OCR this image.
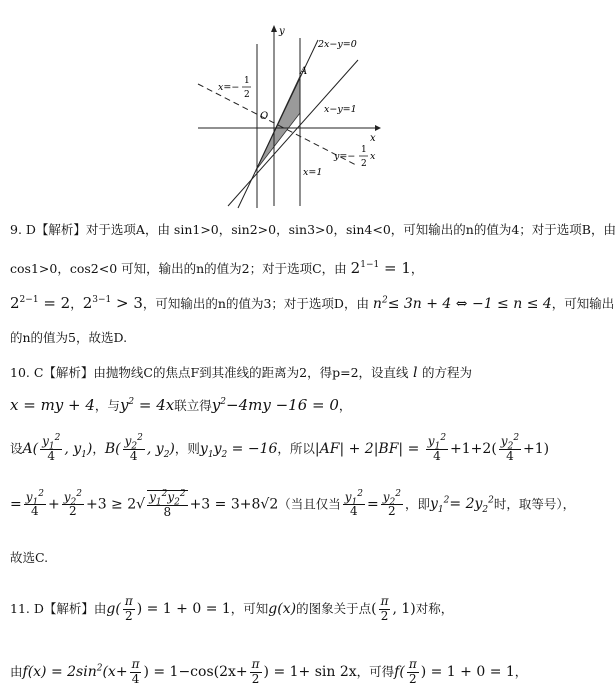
2x−y=0
A
x−y=1
x
y
O
x=1
x=−
1
2
y=−
1
2
x
9. D【解析】对于选项A，由 sin1>0，sin2>0，sin3>0，sin4<0，可知输出的n的值为4；对于选项B，由
cos1>0，cos2<0 可知，输出的n的值为2；对于选项C，由 $2^{1-1} = 1$，
$2^{2-1} = 2$，$2^{3-1} > 3$，可知输出的n的值为3；对于选项D，由 $n^2\le 3n + 4$ ⇔ −1 ≤ n ≤ 4，可知输出
的n的值为5，故选D.
10. C【解析】由抛物线C的焦点F到其准线的距离为2，得p=2，设直线 l 的方程为
x = my + 4，与$y^2 = 4x$联立得$y^2-4my -16 = 0$，
设$A( \frac{y_1^2}{4}$ , $y_1$)，$B( \frac{y_2^2}{4}$ , $y_2$)，则$y_1y_2 = -16$，所以$|AF| + 2|BF| = \frac{y_1^2}{4} +1+2( \frac{y_2^2}{4} +1)$
= $\frac{y_1^2}{4} + \frac{y_2^2}{2} +3 \ge 2√ \frac{y_1^2y_2^2}{8} +3 = 3+8√2$（当且仅当 $\frac{y_1^2}{4} = \frac{y_2^2}{2}$ ，即$y_1^2= 2y_2^2$时，取等号），
故选C.
11. D【解析】由$g( \frac{\pi}{2}$ ) = 1 + 0 = 1，可知g(x)的图象关于点( $\frac{\pi}{2}$ , 1)对称，
由$f(x) = 2\sin^2(x+ \frac{\pi}{4}$ ) = $1-\cos(2x+ \frac{\pi}{2}$ ) = 1+ sin 2x，可得$f( \frac{\pi}{2}$ ) = 1 + 0 = 1，
